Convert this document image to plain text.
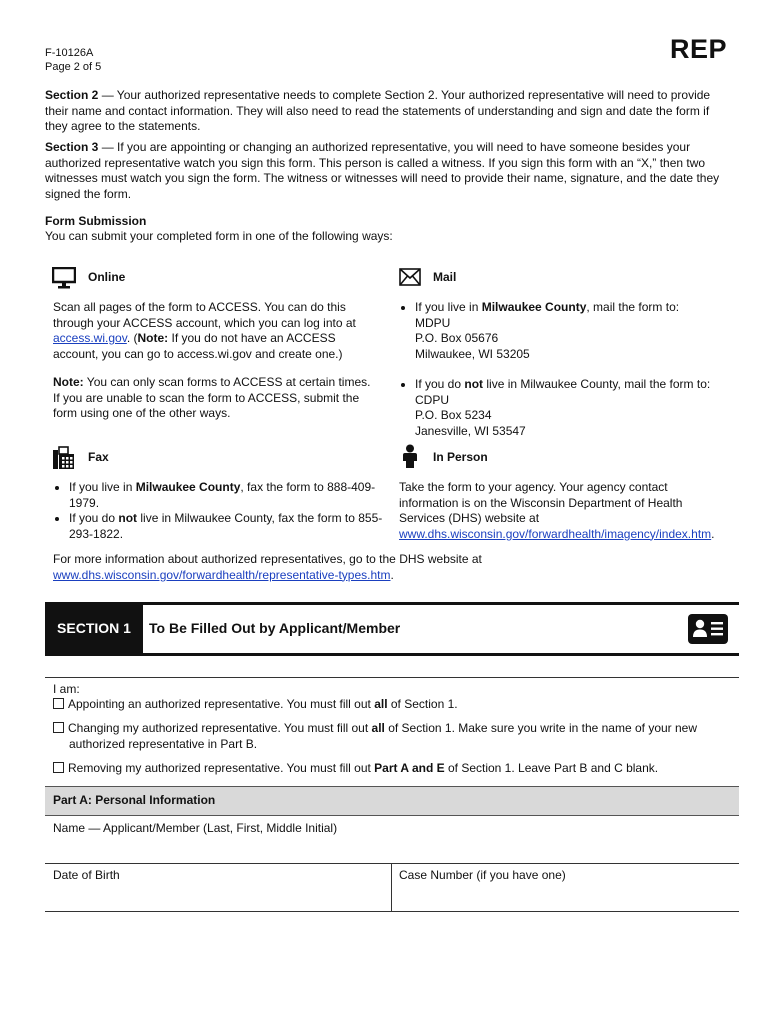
F-10126A
Page 2 of 5
REP

Section 2 — Your authorized representative needs to complete Section 2. Your authorized representative will need to provide their name and contact information. They will also need to read the statements of understanding and sign and date the form if they agree to the statements.

Section 3 — If you are appointing or changing an authorized representative, you will need to have someone besides your authorized representative watch you sign this form. This person is called a witness. If you sign this form with an “X,” then two witnesses must watch you sign the form. The witness or witnesses will need to provide their name, signature, and the date they signed the form.

Form Submission
You can submit your completed form in one of the following ways:
Online

Scan all pages of the form to ACCESS. You can do this through your ACCESS account, which you can log into at access.wi.gov. (Note: If you do not have an ACCESS account, you can go to access.wi.gov and create one.)

Note: You can only scan forms to ACCESS at certain times. If you are unable to scan the form to ACCESS, submit the form using one of the other ways.

Mail
• If you live in Milwaukee County, mail the form to:
MDPU
P.O. Box 05676
Milwaukee, WI 53205
• If you do not live in Milwaukee County, mail the form to:
CDPU
P.O. Box 5234
Janesville, WI 53547
Fax
• If you live in Milwaukee County, fax the form to 888-409-1979.
• If you do not live in Milwaukee County, fax the form to 855-293-1822.
In Person

Take the form to your agency. Your agency contact information is on the Wisconsin Department of Health Services (DHS) website at www.dhs.wisconsin.gov/forwardhealth/imagency/index.htm.

For more information about authorized representatives, go to the DHS website at www.dhs.wisconsin.gov/forwardhealth/representative-types.htm.

SECTION 1	To Be Filled Out by Applicant/Member
I am:
Appointing an authorized representative. You must fill out all of Section 1.
Changing my authorized representative. You must fill out all of Section 1. Make sure you write in the name of your new authorized representative in Part B.
Removing my authorized representative. You must fill out Part A and E of Section 1. Leave Part B and C blank.
Part A: Personal Information
Name — Applicant/Member (Last, First, Middle Initial)
Date of Birth	Case Number (if you have one)
